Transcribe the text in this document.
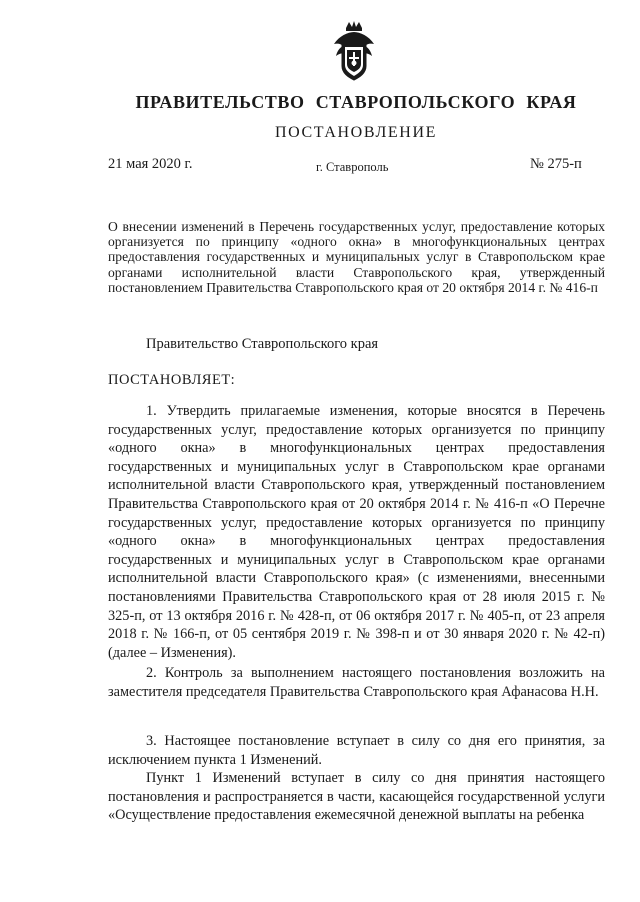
ПРАВИТЕЛЬСТВО СТАВРОПОЛЬСКОГО КРАЯ
ПОСТАНОВЛЕНИЕ
21 мая 2020 г.	г. Ставрополь	№ 275-п
О внесении изменений в Перечень государственных услуг, предоставление которых организуется по принципу «одного окна» в многофункциональных центрах предоставления государственных и муниципальных услуг в Ставропольском крае органами исполнительной власти Ставропольского края, утвержденный постановлением Правительства Ставропольского края от 20 октября 2014 г. № 416-п
Правительство Ставропольского края
ПОСТАНОВЛЯЕТ:
1. Утвердить прилагаемые изменения, которые вносятся в Перечень государственных услуг, предоставление которых организуется по принципу «одного окна» в многофункциональных центрах предоставления государственных и муниципальных услуг в Ставропольском крае органами исполнительной власти Ставропольского края, утвержденный постановлением Правительства Ставропольского края от 20 октября 2014 г. № 416-п «О Перечне государственных услуг, предоставление которых организуется по принципу «одного окна» в многофункциональных центрах предоставления государственных и муниципальных услуг в Ставропольском крае органами исполнительной власти Ставропольского края» (с изменениями, внесенными постановлениями Правительства Ставропольского края от 28 июля 2015 г. № 325-п, от 13 октября 2016 г. № 428-п, от 06 октября 2017 г. № 405-п, от 23 апреля 2018 г. № 166-п, от 05 сентября 2019 г. № 398-п и от 30 января 2020 г. № 42-п) (далее – Изменения).
2. Контроль за выполнением настоящего постановления возложить на заместителя председателя Правительства Ставропольского края Афанасова Н.Н.
3. Настоящее постановление вступает в силу со дня его принятия, за исключением пункта 1 Изменений.
Пункт 1 Изменений вступает в силу со дня принятия настоящего постановления и распространяется в части, касающейся государственной услуги «Осуществление предоставления ежемесячной денежной выплаты на ребенка
